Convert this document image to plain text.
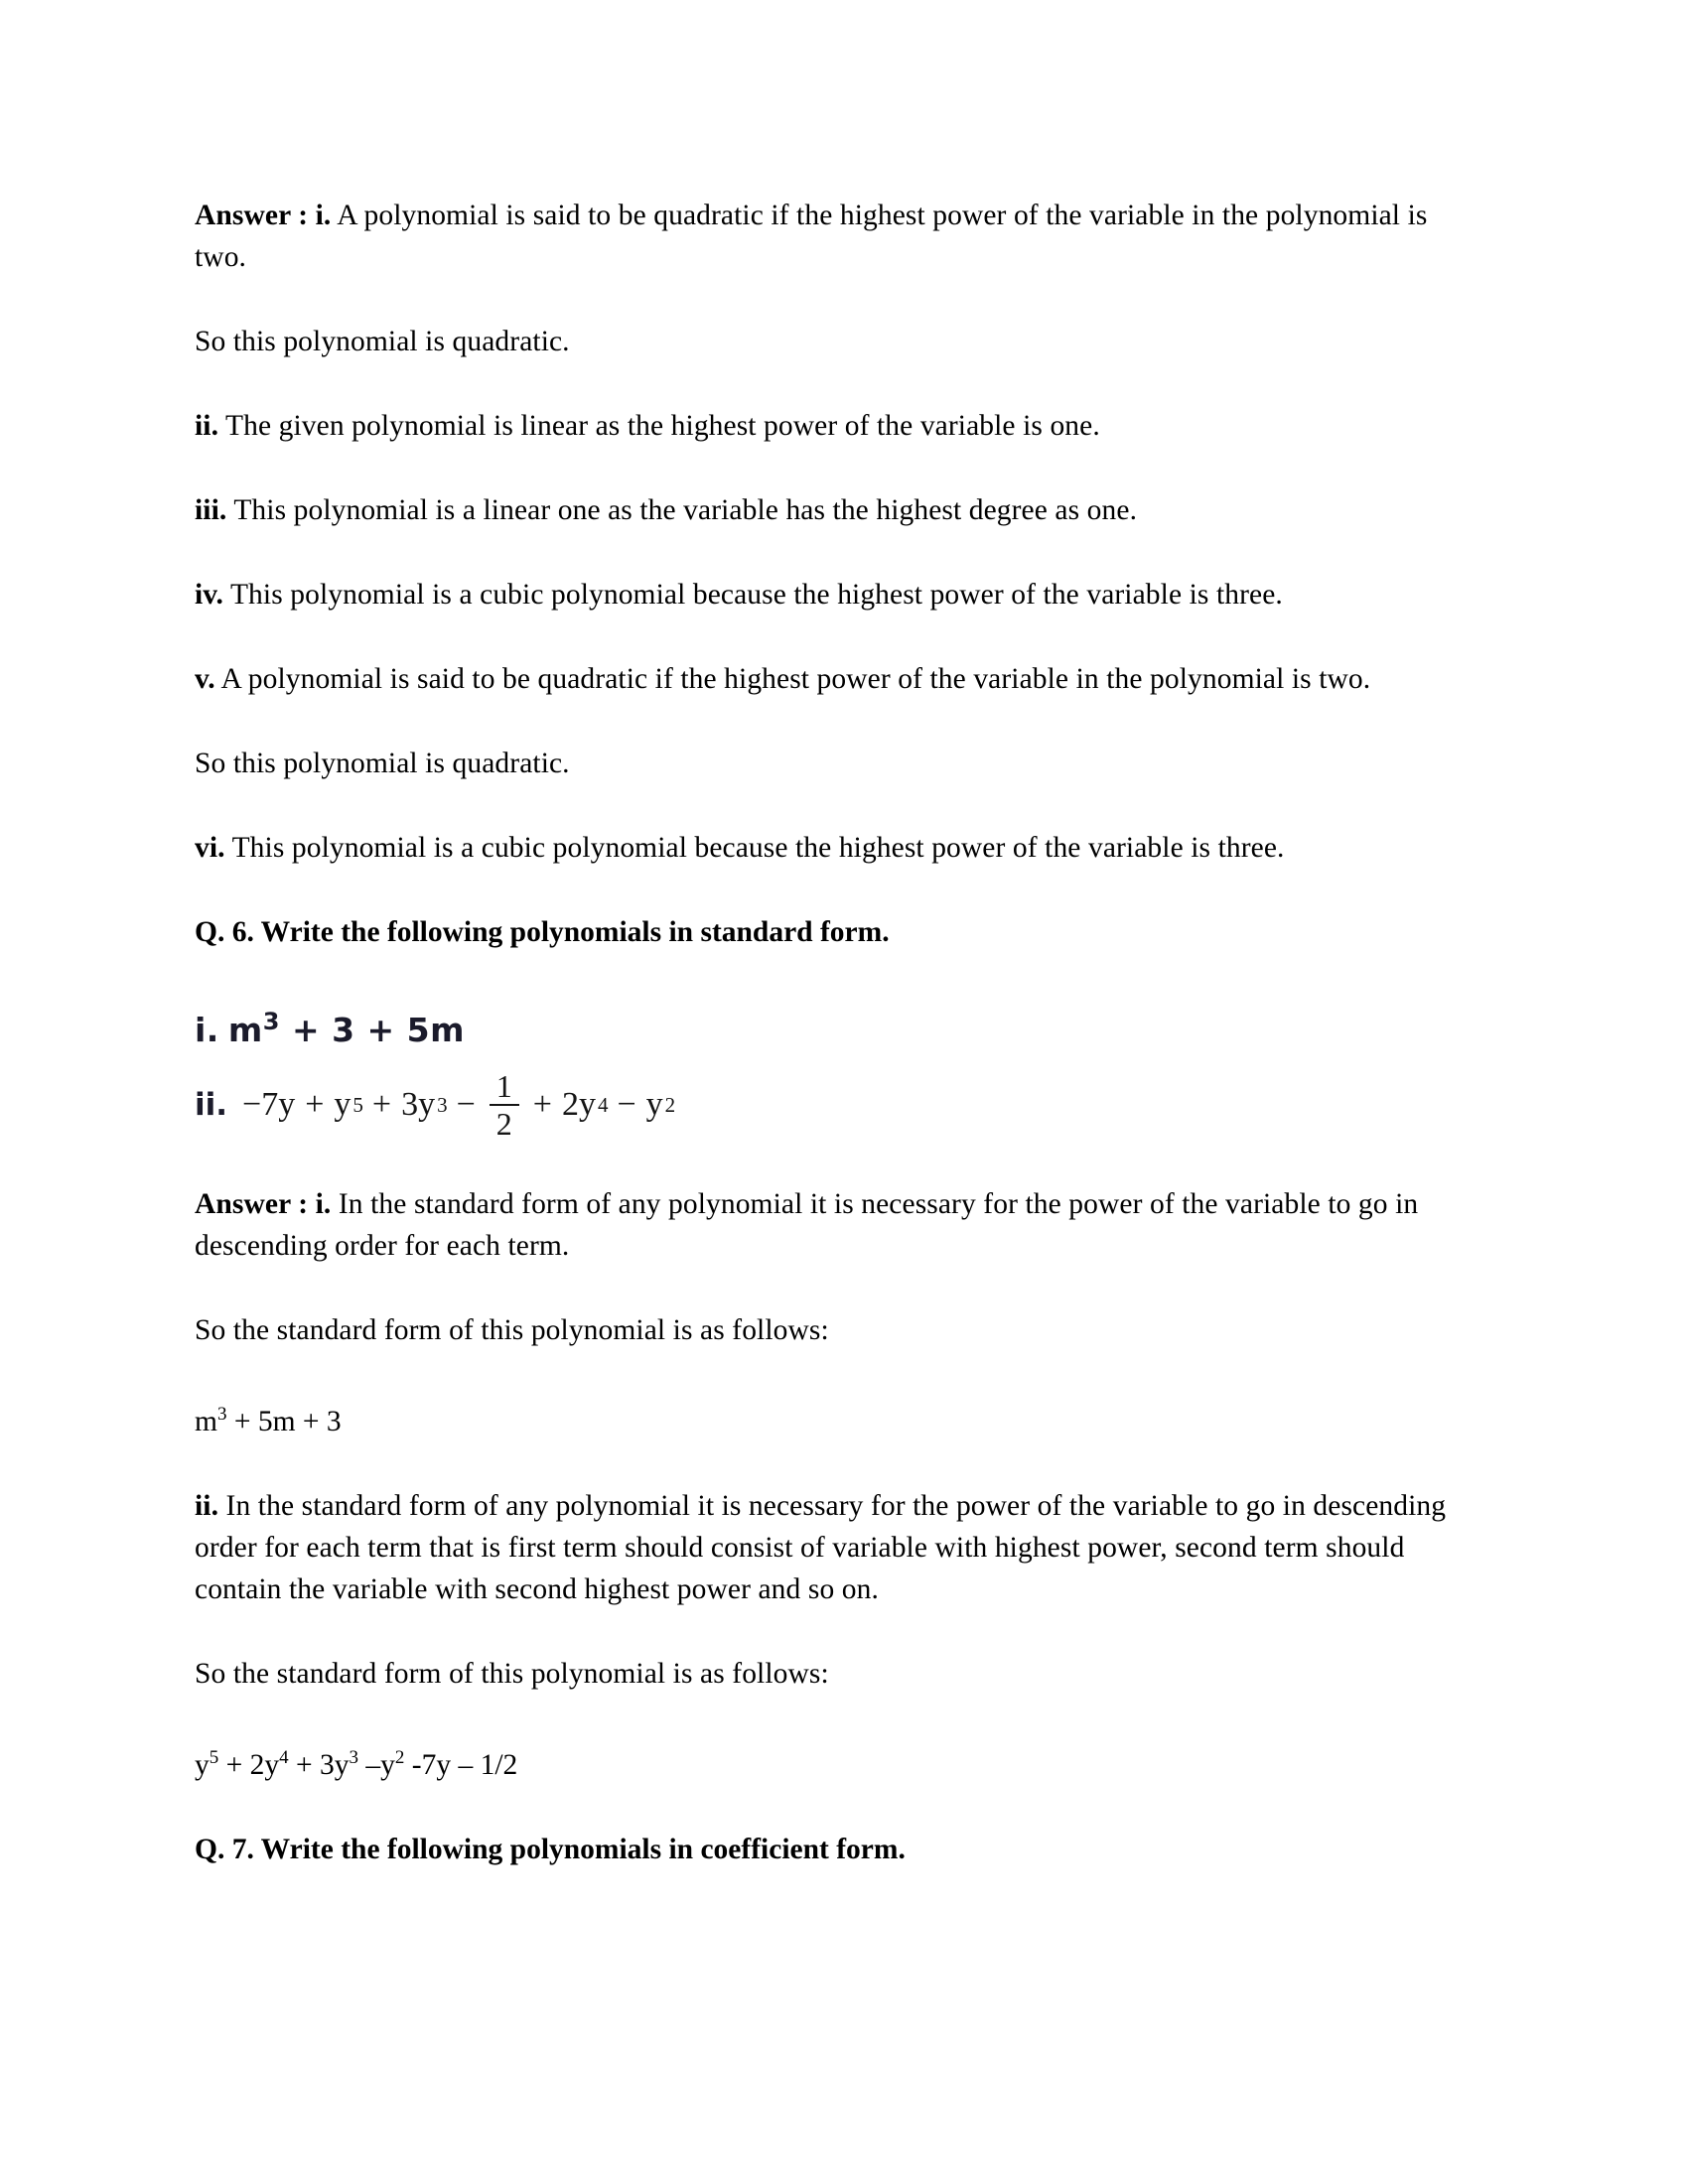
Answer : i. A polynomial is said to be quadratic if the highest power of the variable in the polynomial is two.

So this polynomial is quadratic.

ii. The given polynomial is linear as the highest power of the variable is one.

iii. This polynomial is a linear one as the variable has the highest degree as one.

iv. This polynomial is a cubic polynomial because the highest power of the variable is three.

v. A polynomial is said to be quadratic if the highest power of the variable in the polynomial is two.

So this polynomial is quadratic.

vi. This polynomial is a cubic polynomial because the highest power of the variable is three.

Q. 6. Write the following polynomials in standard form.

i. $m^3 + 3 + 5m$
ii. −7y + y 5 + 3y $3 - \frac{1}{2} + 2y$ 4 − y 2

Answer : i. In the standard form of any polynomial it is necessary for the power of the variable to go in descending order for each term.

So the standard form of this polynomial is as follows:

$m^3 + 5m + 3$

ii. In the standard form of any polynomial it is necessary for the power of the variable to go in descending order for each term that is first term should consist of variable with highest power, second term should contain the variable with second highest power and so on.

So the standard form of this polynomial is as follows:

$y^5 + 2y^4 + 3y^3$ $-y^2$ -7y – 1/2

Q. 7. Write the following polynomials in coefficient form.
